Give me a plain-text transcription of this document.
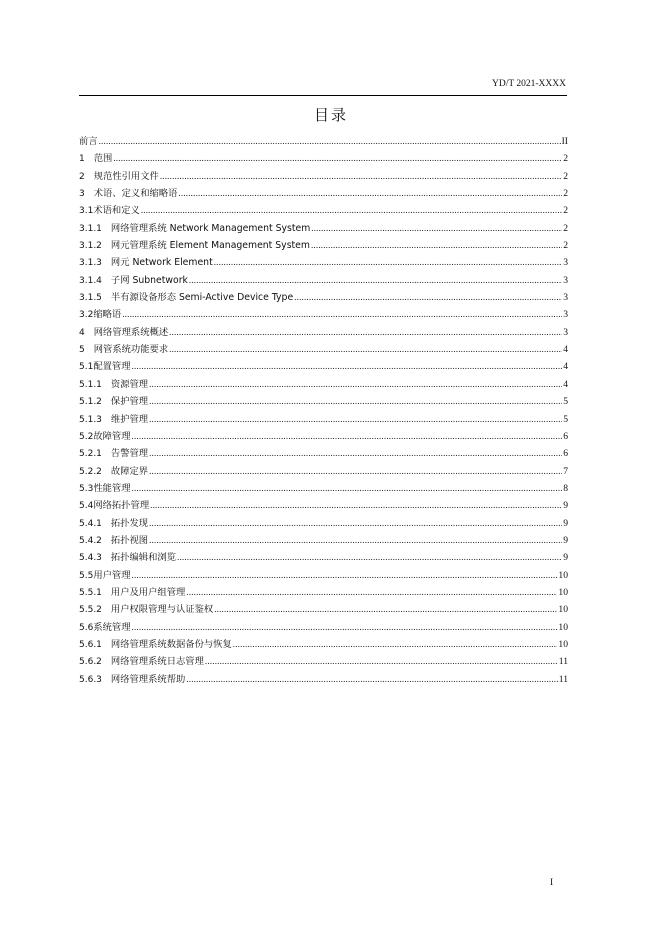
YD/T 2021-XXXX
目录
前言 .....	II
1 范围 .....	2
2 规范性引用文件 .....	2
3 术语、定义和缩略语 .....	2
3.1 术语和定义 .....	2
3.1.1 网络管理系统 Network Management System .....	2
3.1.2 网元管理系统 Element Management System .....	2
3.1.3 网元 Network Element .....	3
3.1.4 子网 Subnetwork .....	3
3.1.5 半有源设备形态 Semi-Active Device Type .....	3
3.2 缩略语 .....	3
4 网络管理系统概述 .....	3
5 网管系统功能要求 .....	4
5.1 配置管理 .....	4
5.1.1 资源管理 .....	4
5.1.2 保护管理 .....	5
5.1.3 维护管理 .....	5
5.2 故障管理 .....	6
5.2.1 告警管理 .....	6
5.2.2 故障定界 .....	7
5.3 性能管理 .....	8
5.4 网络拓扑管理 .....	9
5.4.1 拓扑发现 .....	9
5.4.2 拓扑视图 .....	9
5.4.3 拓扑编辑和浏览 .....	9
5.5 用户管理 .....	10
5.5.1 用户及用户组管理 .....	10
5.5.2 用户权限管理与认证鉴权 .....	10
5.6 系统管理 .....	10
5.6.1 网络管理系统数据备份与恢复 .....	10
5.6.2 网络管理系统日志管理 .....	11
5.6.3 网络管理系统帮助 .....	11
I
